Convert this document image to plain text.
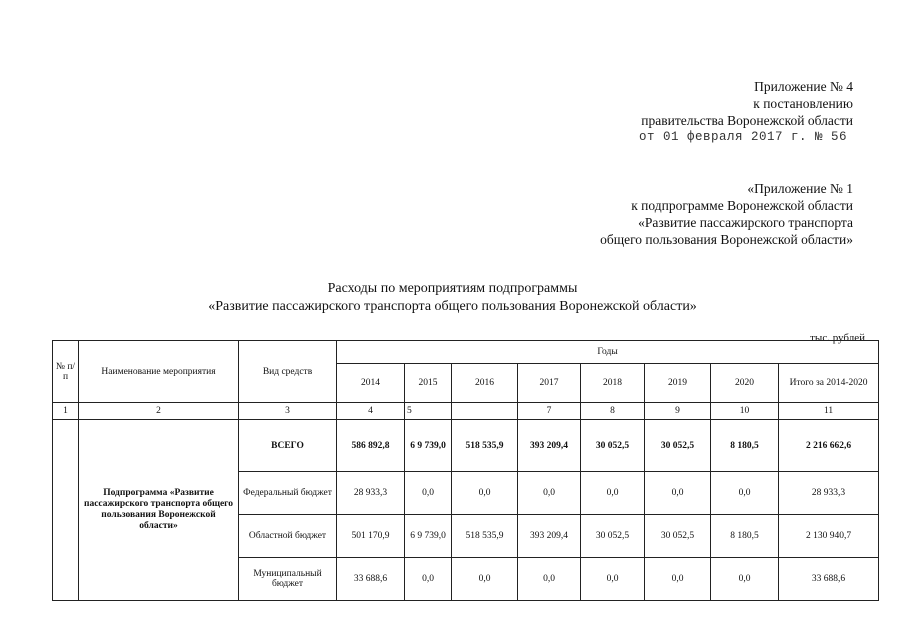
Приложение № 4
к постановлению
правительства Воронежской области
от 01 февраля 2017 г. № 56
«Приложение № 1
к подпрограмме Воронежской области
«Развитие пассажирского транспорта
общего пользования Воронежской области»
Расходы по мероприятиям подпрограммы
«Развитие пассажирского транспорта общего пользования Воронежской области»
тыс. рублей
№ п/п	Наименование мероприятия	Вид средств	Годы							
			2014	2015	2016	2017	2018	2019	2020	Итого за 2014-2020
1	2	3	4	5		7	8	9	10	11
	Подпрограмма «Развитие пассажирского транспорта общего пользования Воронежской области»	ВСЕГО	586 892,8	6 9 739,0	518 535,9	393 209,4	30 052,5	30 052,5	8 180,5	2 216 662,6
		Федеральный бюджет	28 933,3	0,0	0,0	0,0	0,0	0,0	0,0	28 933,3
		Областной бюджет	501 170,9	6 9 739,0	518 535,9	393 209,4	30 052,5	30 052,5	8 180,5	2 130 940,7
		Муниципальный бюджет	33 688,6	0,0	0,0	0,0	0,0	0,0	0,0	33 688,6
